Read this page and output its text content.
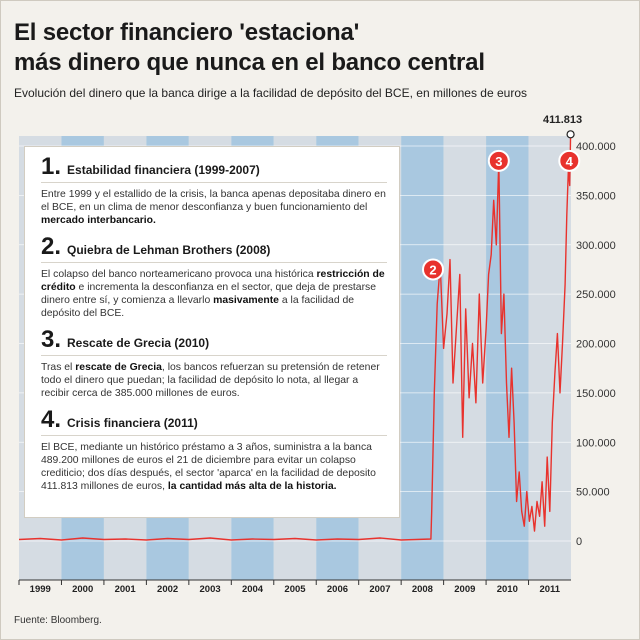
El sector financiero 'estaciona'
más dinero que nunca en el banco central
Evolución del dinero que la banca dirige a la facilidad de depósito del BCE, en millones de euros
411.813
0
50.000
100.000
150.000
200.000
250.000
300.000
350.000
400.000
1999 2000 2001 2002 2003 2004 2005 2006 2007 2008 2009 2010 2011
2
3	4
1. Estabilidad financiera (1999-2007)
Entre 1999 y el estallido de la crisis, la banca apenas depositaba dinero en el BCE, en un clima de menor desconfianza y buen funcionamiento del mercado interbancario.
2. Quiebra de Lehman Brothers (2008)
El colapso del banco norteamericano provoca una histórica restricción de crédito e incrementa la desconfianza en el sector, que deja de prestarse dinero entre sí, y comienza a llevarlo masivamente a la facilidad de depósito del BCE.
3. Rescate de Grecia (2010)
Tras el rescate de Grecia, los bancos refuerzan su pretensión de retener todo el dinero que puedan; la facilidad de depósito lo nota, al llegar a recibir cerca de 385.000 millones de euros.
4. Crisis financiera (2011)
El BCE, mediante un histórico préstamo a 3 años, suministra a la banca 489.200 millones de euros el 21 de diciembre para evitar un colapso crediticio; dos días después, el sector 'aparca' en la facilidad de deposito 411.813 millones de euros, la cantidad más alta de la historia.
Fuente: Bloomberg.
